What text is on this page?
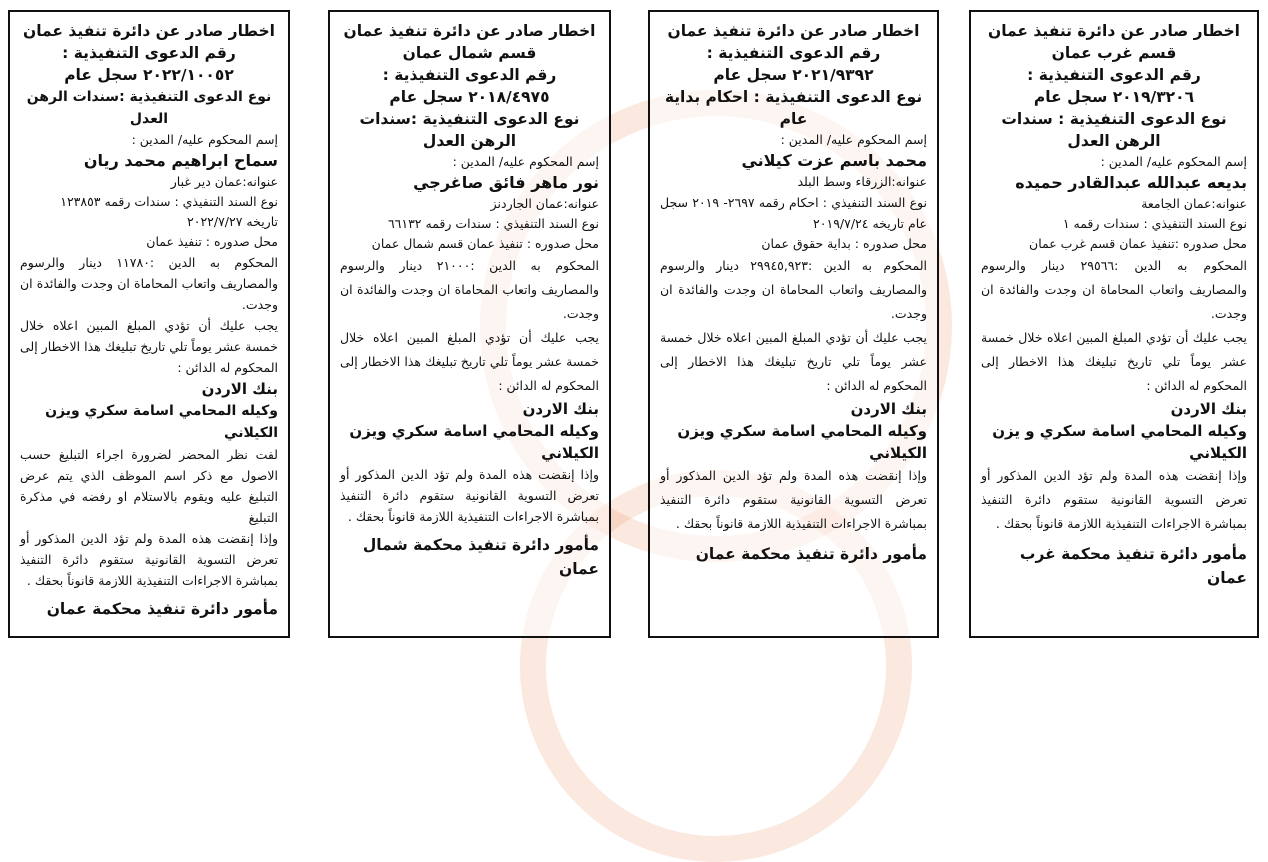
اخطار صادر عن دائرة تنفيذ عمان
قسم غرب عمان
رقم الدعوى التنفيذية :
٢٠١٩/٣٢٠٦ سجل عام
نوع الدعوى التنفيذية : سندات الرهن العدل
إسم المحكوم عليه/ المدين :
بديعه عبدالله عبدالقادر حميده
عنوانه:عمان الجامعة
نوع السند التنفيذي : سندات رقمه ١
محل صدوره :تنفيذ عمان قسم غرب عمان
المحكوم به الدين :٢٩٥٦٦ دينار والرسوم والمصاريف واتعاب المحاماة ان وجدت والفائدة ان وجدت.
يجب عليك أن تؤدي المبلغ المبين اعلاه خلال خمسة عشر يوماً تلي تاريخ تبليغك هذا الاخطار إلى المحكوم له الدائن :
بنك الاردن
وكيله المحامي اسامة سكري و يزن الكيلاني
وإذا إنقضت هذه المدة ولم تؤد الدين المذكور أو تعرض التسوية القانونية ستقوم دائرة التنفيذ بمباشرة الاجراءات التنفيذية اللازمة قانوناً بحقك .
مأمور دائرة تنفيذ محكمة غرب عمان
اخطار صادر عن دائرة تنفيذ عمان
رقم الدعوى التنفيذية :
٢٠٢١/٩٣٩٢ سجل عام
نوع الدعوى التنفيذية : احكام بداية عام
إسم المحكوم عليه/ المدين :
محمد باسم عزت كيلاني
عنوانه:الزرقاء وسط البلد
نوع السند التنفيذي : احكام رقمه ٢٦٩٧- ٢٠١٩ سجل عام تاريخه ٢٠١٩/٧/٢٤
محل صدوره : بداية حقوق عمان
المحكوم به الدين :٢٩٩٤٥,٩٢٣ دينار والرسوم والمصاريف واتعاب المحاماة ان وجدت والفائدة ان وجدت.
يجب عليك أن تؤدي المبلغ المبين اعلاه خلال خمسة عشر يوماً تلي تاريخ تبليغك هذا الاخطار إلى المحكوم له الدائن :
بنك الاردن
وكيله المحامي اسامة سكري ويزن الكيلاني
وإذا إنقضت هذه المدة ولم تؤد الدين المذكور أو تعرض التسوية القانونية ستقوم دائرة التنفيذ بمباشرة الاجراءات التنفيذية اللازمة قانوناً بحقك .
مأمور دائرة تنفيذ محكمة عمان
اخطار صادر عن دائرة تنفيذ عمان
قسم شمال عمان
رقم الدعوى التنفيذية :
٢٠١٨/٤٩٧٥ سجل عام
نوع الدعوى التنفيذية :سندات الرهن العدل
إسم المحكوم عليه/ المدين :
نور ماهر فائق صاغرجي
عنوانه:عمان الجاردنز
نوع السند التنفيذي : سندات رقمه ٦٦١٣٢
محل صدوره : تنفيذ عمان قسم شمال عمان
المحكوم به الدين :٢١٠٠٠ دينار والرسوم والمصاريف واتعاب المحاماة ان وجدت والفائدة ان وجدت.
يجب عليك أن تؤدي المبلغ المبين اعلاه خلال خمسة عشر يوماً تلي تاريخ تبليغك هذا الاخطار إلى المحكوم له الدائن :
بنك الاردن
وكيله المحامي اسامة سكري ويزن الكيلاني
وإذا إنقضت هذه المدة ولم تؤد الدين المذكور أو تعرض التسوية القانونية ستقوم دائرة التنفيذ بمباشرة الاجراءات التنفيذية اللازمة قانوناً بحقك .
مأمور دائرة تنفيذ محكمة شمال عمان
اخطار صادر عن دائرة تنفيذ عمان
رقم الدعوى التنفيذية :
٢٠٢٢/١٠٠٥٢ سجل عام
نوع الدعوى التنفيذية :سندات الرهن العدل
إسم المحكوم عليه/ المدين :
سماح ابراهيم محمد ريان
عنوانه:عمان دير غبار
نوع السند التنفيذي : سندات رقمه ١٢٣٨٥٣
تاريخه ٢٠٢٢/٧/٢٧
محل صدوره : تنفيذ عمان
المحكوم به الدين :١١٧٨٠ دينار والرسوم والمصاريف واتعاب المحاماة ان وجدت والفائدة ان وجدت.
يجب عليك أن تؤدي المبلغ المبين اعلاه خلال خمسة عشر يوماً تلي تاريخ تبليغك هذا الاخطار إلى المحكوم له الدائن :
بنك الاردن
وكيله المحامي اسامة سكري ويزن الكيلاني
لفت نظر المحضر لضرورة اجراء التبليغ حسب الاصول مع ذكر اسم الموظف الذي يتم عرض التبليغ عليه ويقوم بالاستلام او رفضه في مذكرة التبليغ
وإذا إنقضت هذه المدة ولم تؤد الدين المذكور أو تعرض التسوية القانونية ستقوم دائرة التنفيذ بمباشرة الاجراءات التنفيذية اللازمة قانوناً بحقك .
مأمور دائرة تنفيذ محكمة عمان
